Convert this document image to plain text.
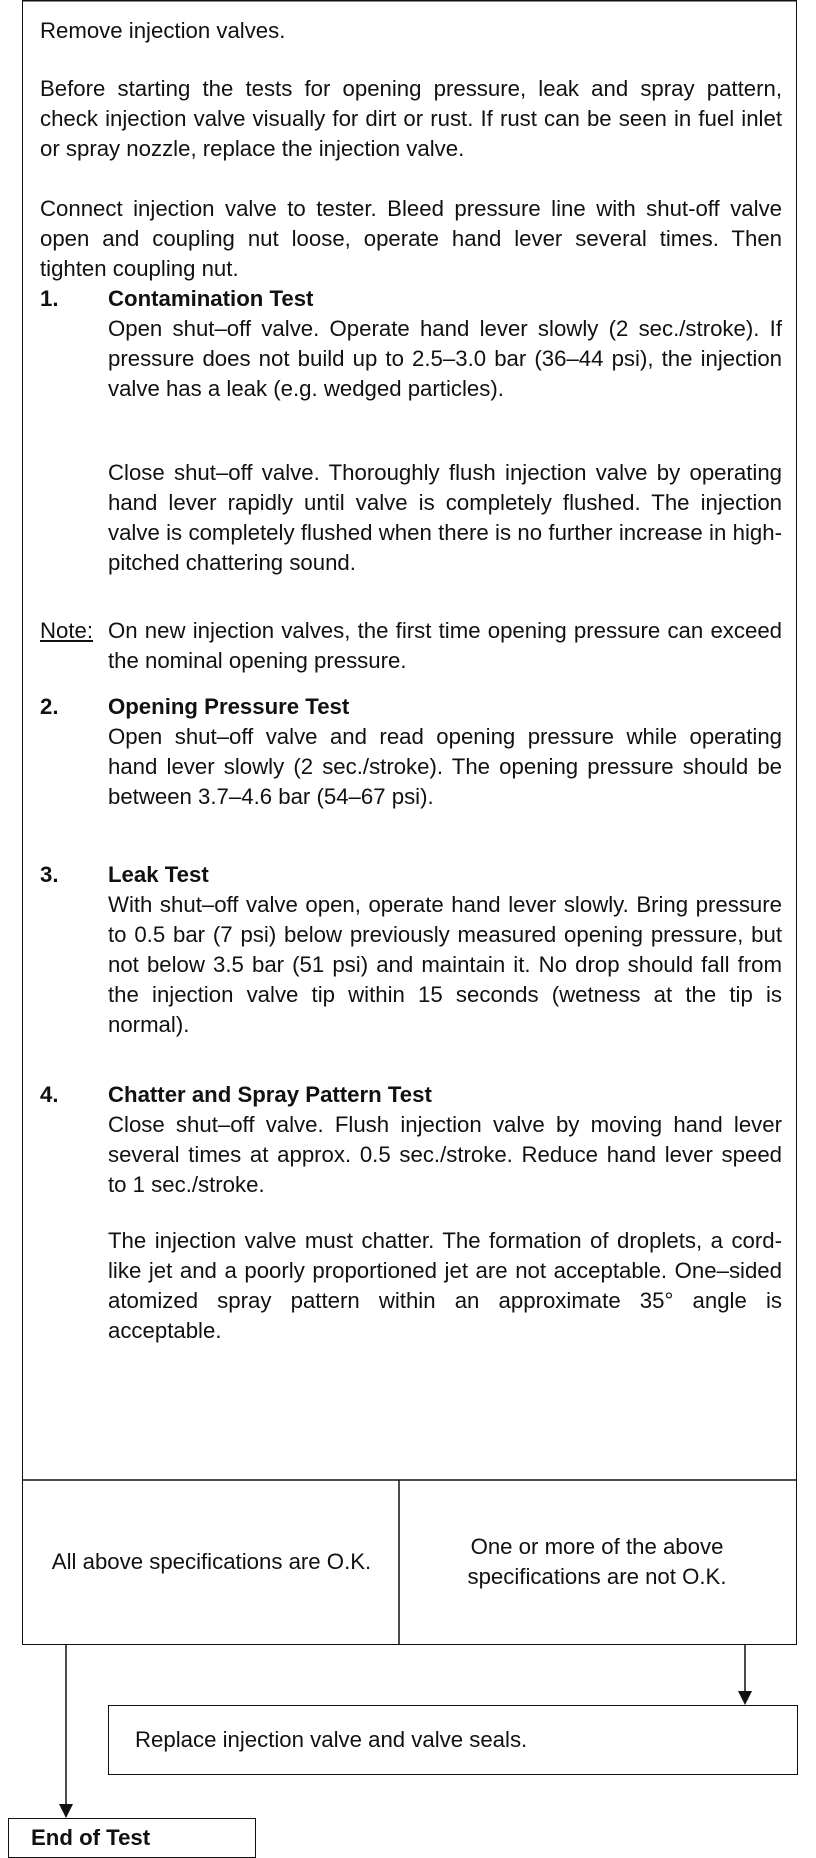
Remove injection valves.

Before starting the tests for opening pressure, leak and spray pattern, check injection valve visually for dirt or rust. If rust can be seen in fuel inlet or spray nozzle, replace the injection valve.

Connect injection valve to tester. Bleed pressure line with shut-off valve open and coupling nut loose, operate hand lever several times. Then tighten coupling nut.

1. Contamination Test
Open shut–off valve. Operate hand lever slowly (2 sec./stroke). If pressure does not build up to 2.5–3.0 bar (36–44 psi), the injection valve has a leak (e.g. wedged particles).

Close shut–off valve. Thoroughly flush injection valve by operating hand lever rapidly until valve is completely flushed. The injection valve is completely flushed when there is no further increase in high-pitched chattering sound.

Note: On new injection valves, the first time opening pressure can exceed the nominal opening pressure.

2. Opening Pressure Test
Open shut–off valve and read opening pressure while operating hand lever slowly (2 sec./stroke). The opening pressure should be between 3.7–4.6 bar (54–67 psi).
3. Leak Test
With shut–off valve open, operate hand lever slowly. Bring pressure to 0.5 bar (7 psi) below previously measured opening pressure, but not below 3.5 bar (51 psi) and maintain it. No drop should fall from the injection valve tip within 15 seconds (wetness at the tip is normal).
4. Chatter and Spray Pattern Test
Close shut–off valve. Flush injection valve by moving hand lever several times at approx. 0.5 sec./stroke. Reduce hand lever speed to 1 sec./stroke.

The injection valve must chatter. The formation of droplets, a cord-like jet and a poorly proportioned jet are not acceptable. One–sided atomized spray pattern within an approximate 35° angle is acceptable.

All above specifications are O.K.
One or more of the above specifications are not O.K.
Replace injection valve and valve seals.
End of Test
